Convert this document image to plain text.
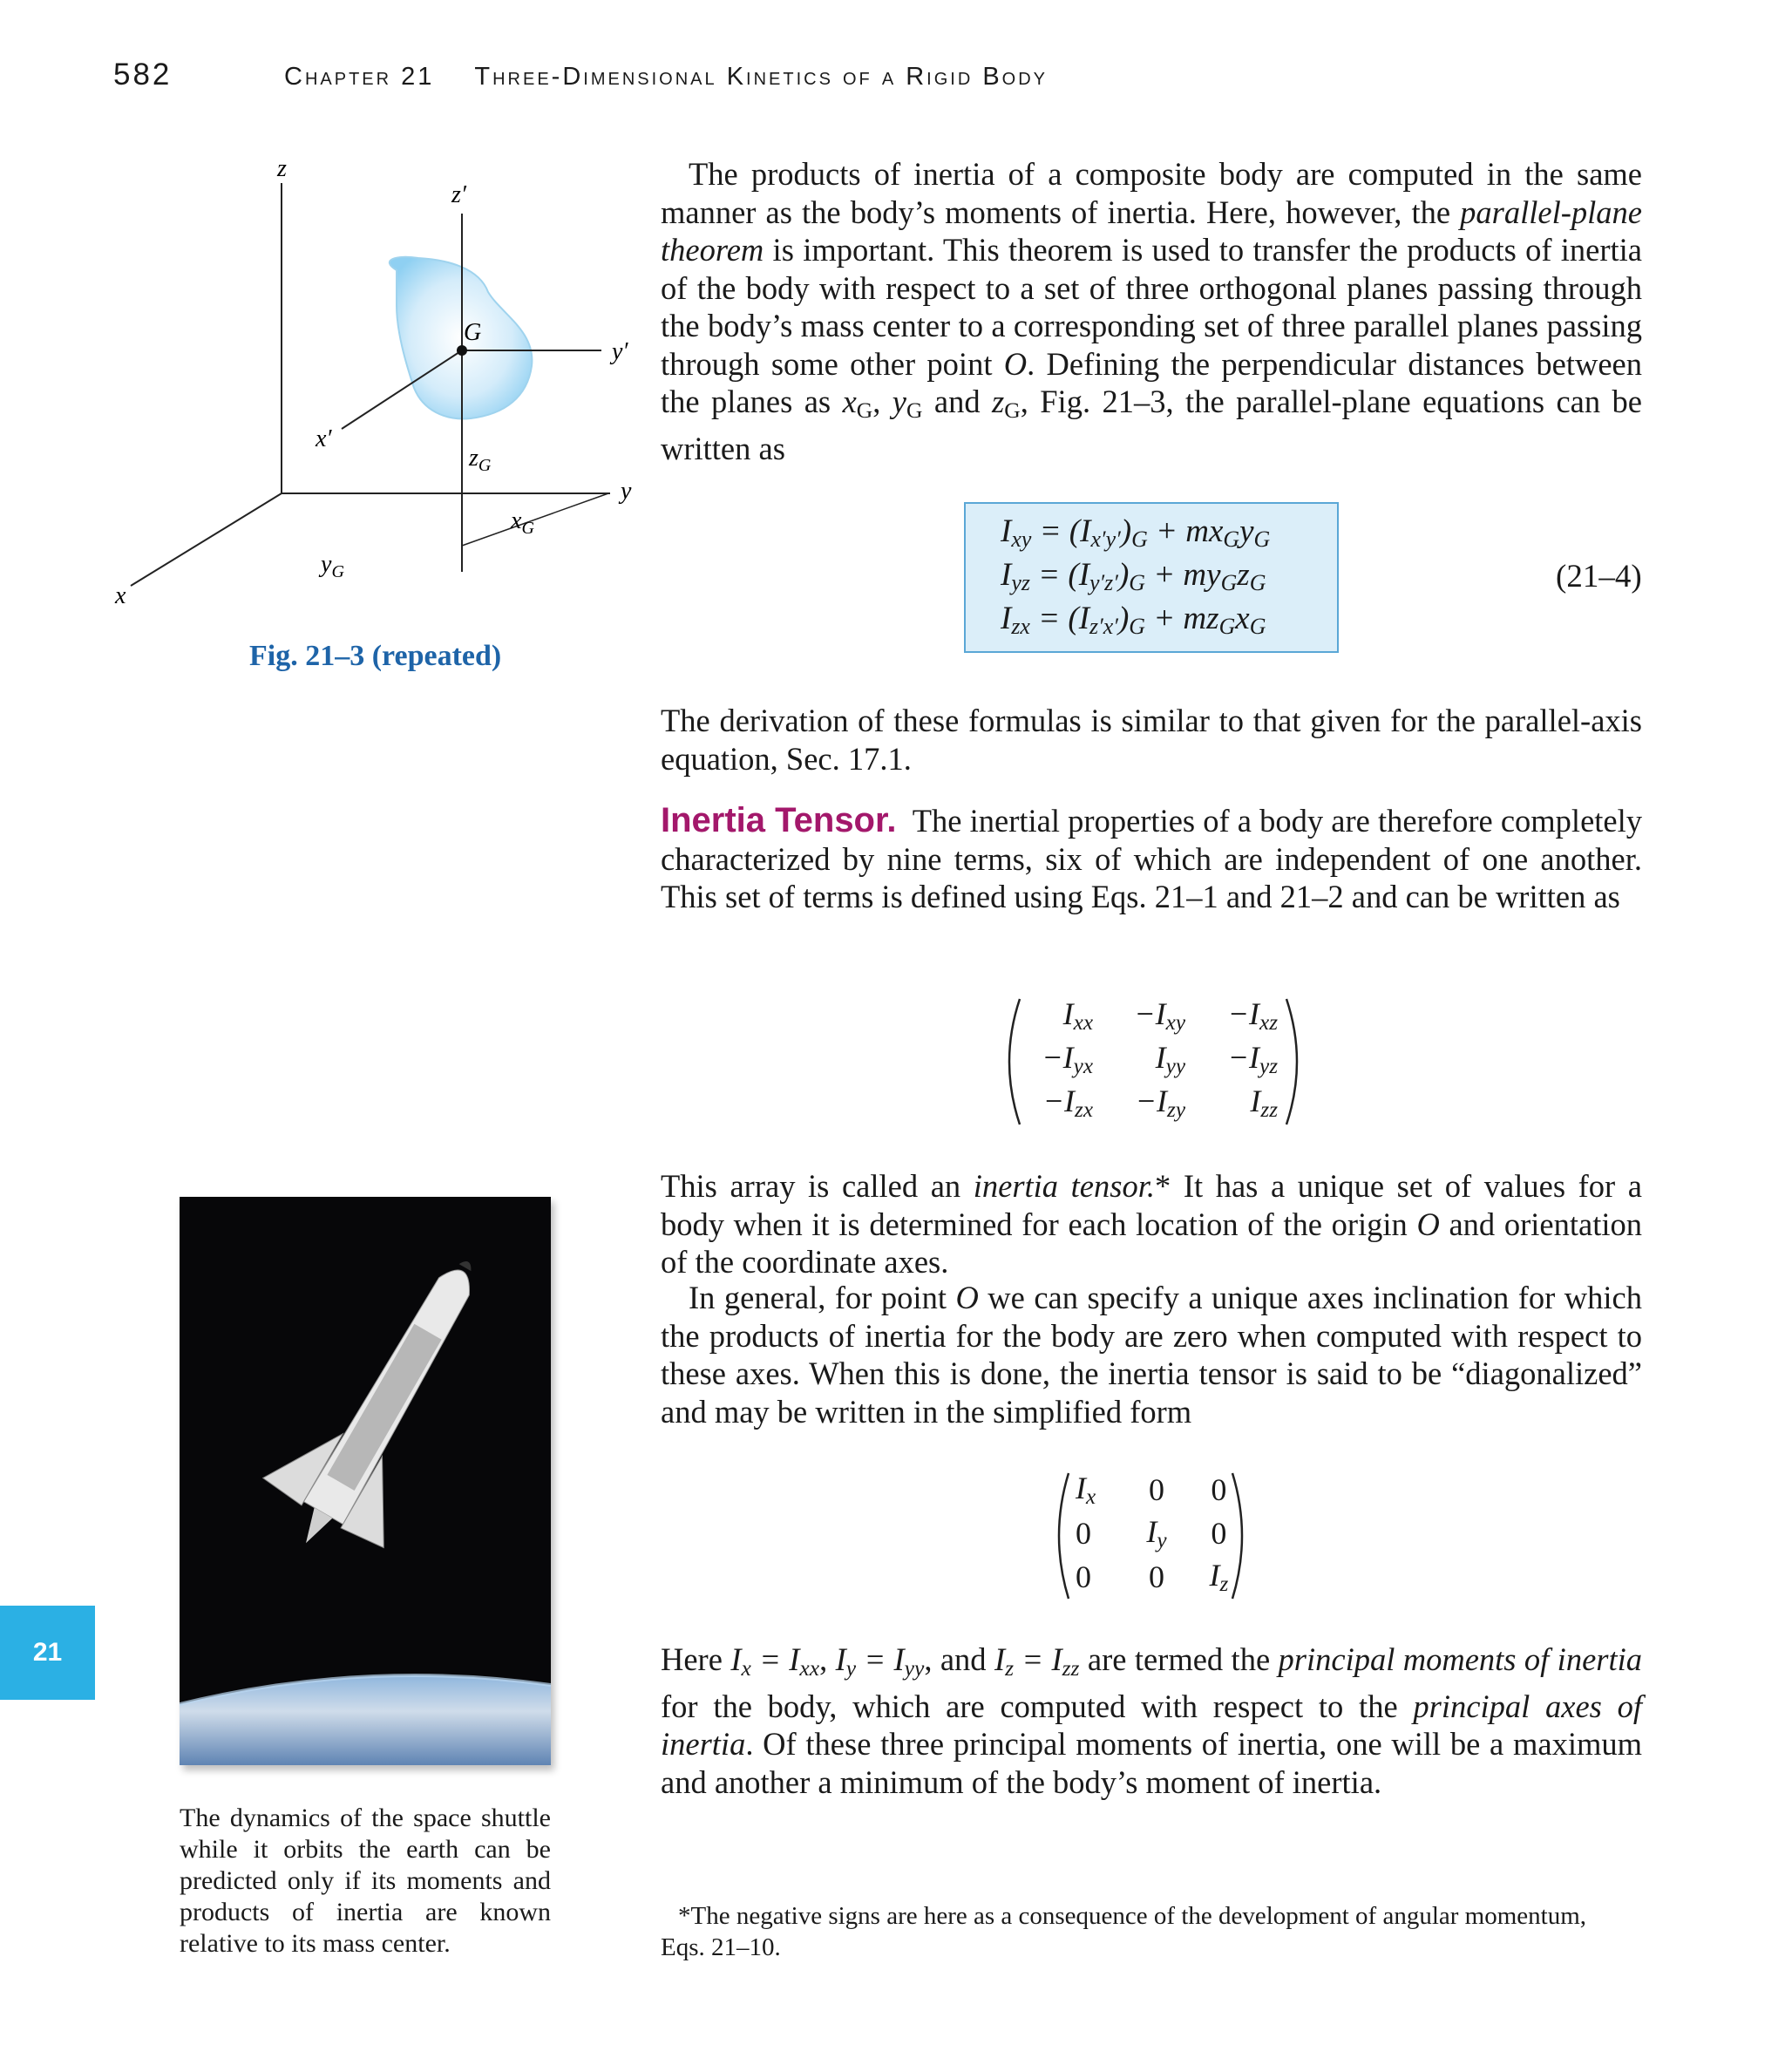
582	Chapter 21 Three-Dimensional Kinetics of a Rigid Body
z
z′
G
y′
x′
$z_G$
y
$x_G$
$y_G$
x
Fig. 21–3 (repeated)
The products of inertia of a composite body are computed in the same manner as the body’s moments of inertia. Here, however, the parallel-plane theorem is important. This theorem is used to transfer the products of inertia of the body with respect to a set of three orthogonal planes passing through the body’s mass center to a corresponding set of three parallel planes passing through some other point O. Defining the perpendicular distances between the planes as $x_G$, $y_G$ and $z_G$, Fig. 21–3, the parallel-plane equations can be written as
$I_{xy} = (I_{x'y'})_G + mx_Gy_G$
$I_{yz} = (I_{y'z'})_G + my_Gz_G$
$I_{zx} = (I_{z'x'})_G + mz_Gx_G$
(21–4)
The derivation of these formulas is similar to that given for the parallel-axis equation, Sec. 17.1.
Inertia Tensor. The inertial properties of a body are therefore completely characterized by nine terms, six of which are independent of one another. This set of terms is defined using Eqs. 21–1 and 21–2 and can be written as
$I_{xx}$	$-I_{xy}$	$-I_{xz}$
$-I_{yx}$	$I_{yy}$	$-I_{yz}$
$-I_{zx}$	$-I_{zy}$	$I_{zz}$
This array is called an inertia tensor.* It has a unique set of values for a body when it is determined for each location of the origin O and orientation of the coordinate axes.
In general, for point O we can specify a unique axes inclination for which the products of inertia for the body are zero when computed with respect to these axes. When this is done, the inertia tensor is said to be “diagonalized” and may be written in the simplified form
$I_x$	0	0
0	$I_y$	0
0	0	$I_z$
Here $I_x = I_{xx}$, $I_y = I_{yy}$, and $I_z = I_{zz}$ are termed the principal moments of inertia for the body, which are computed with respect to the principal axes of inertia. Of these three principal moments of inertia, one will be a maximum and another a minimum of the body’s moment of inertia.
The dynamics of the space shuttle while it orbits the earth can be predicted only if its moments and products of inertia are known relative to its mass center.
21

*The negative signs are here as a consequence of the development of angular momentum,

Eqs. 21–10.
